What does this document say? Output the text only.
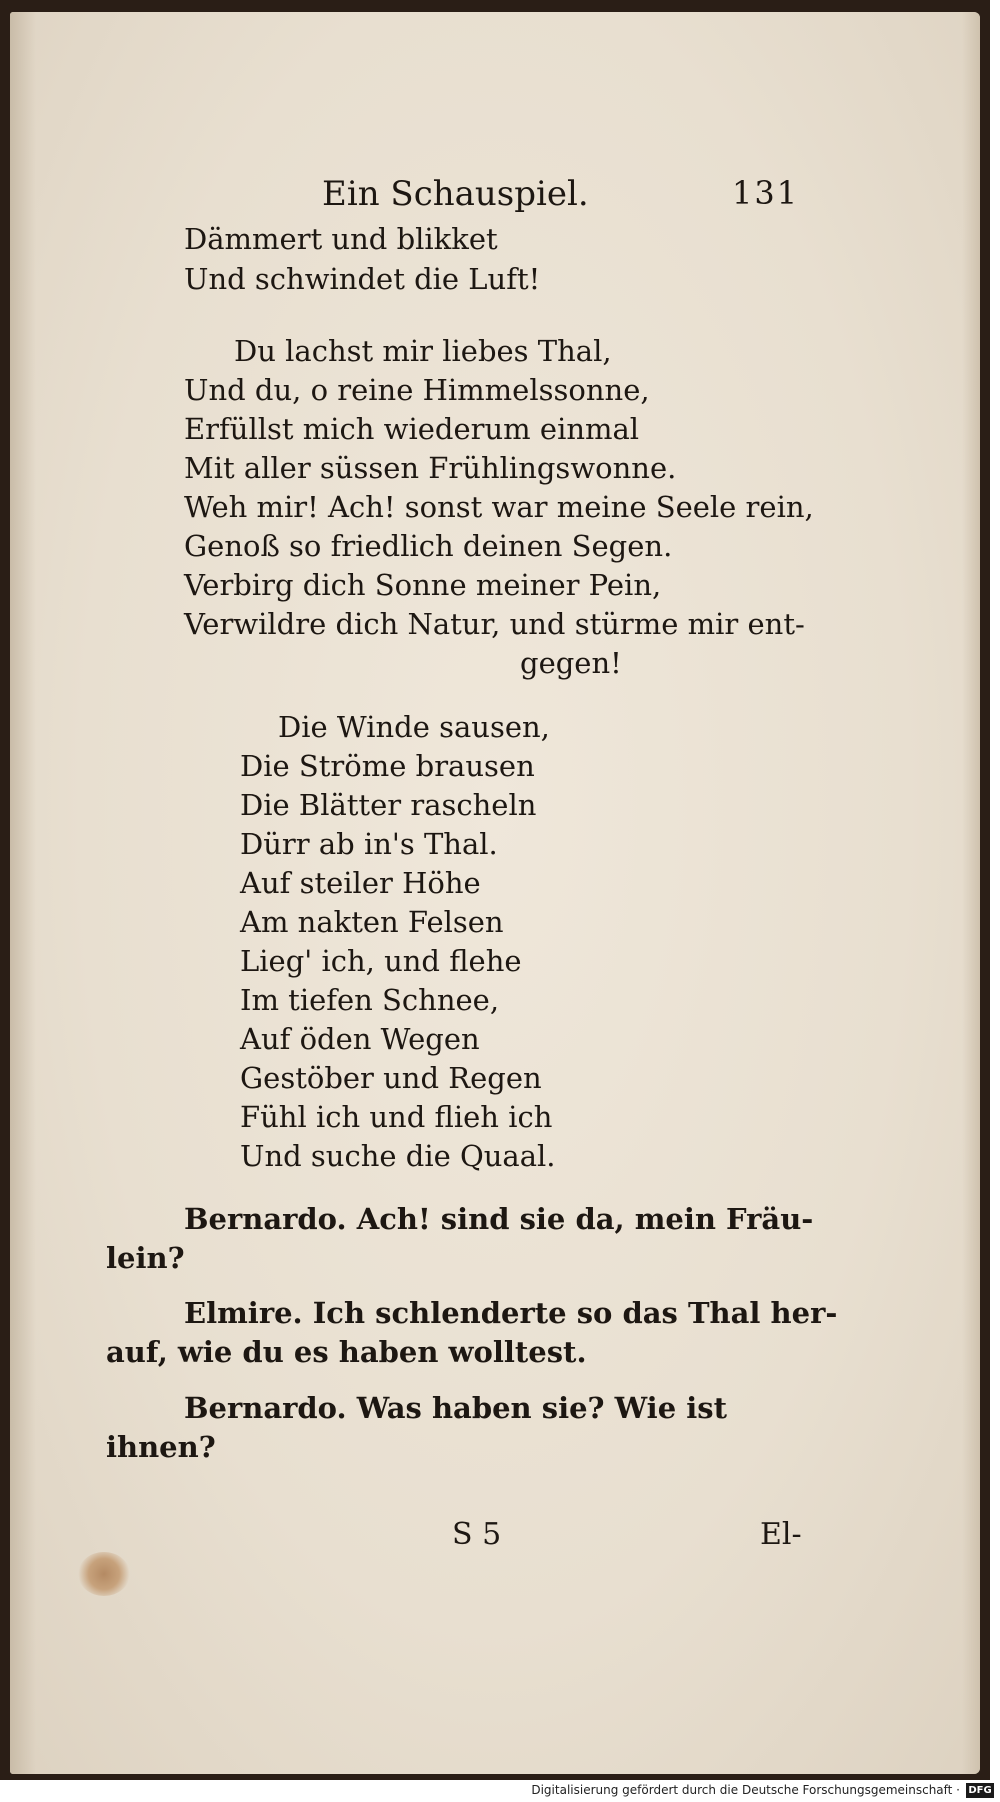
Ein Schauspiel.	131
Dämmert und blikket
Und schwindet die Luft!
Du lachst mir liebes Thal,
Und du, o reine Himmelssonne,
Erfüllst mich wiederum einmal
Mit aller süssen Frühlingswonne.
Weh mir! Ach! sonst war meine Seele rein,
Genoß so friedlich deinen Segen.
Verbirg dich Sonne meiner Pein,
Verwildre dich Natur, und stürme mir ent-
gegen!
Die Winde sausen,
Die Ströme brausen
Die Blätter rascheln
Dürr ab in's Thal.
Auf steiler Höhe
Am nakten Felsen
Lieg' ich, und flehe
Im tiefen Schnee,
Auf öden Wegen
Gestöber und Regen
Fühl ich und flieh ich
Und suche die Quaal.
Bernardo. Ach! sind sie da, mein Fräu-
lein?
Elmire. Ich schlenderte so das Thal her-
auf, wie du es haben wolltest.
Bernardo. Was haben sie? Wie ist
ihnen?
S 5	El-
Digitalisierung gefördert durch die Deutsche Forschungsgemeinschaft · DFG
